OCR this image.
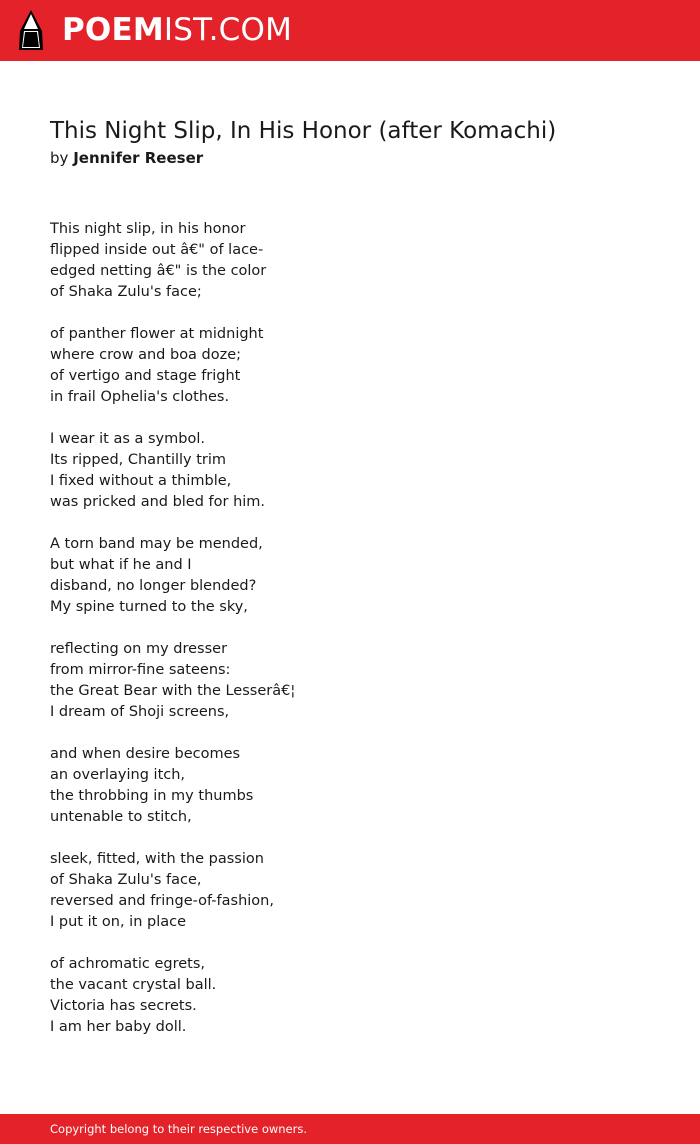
POEMIST.COM
This Night Slip, In His Honor (after Komachi)
by Jennifer Reeser
This night slip, in his honor
flipped inside out â€" of lace-
edged netting â€" is the color
of Shaka Zulu's face;
of panther flower at midnight
where crow and boa doze;
of vertigo and stage fright
in frail Ophelia's clothes.
I wear it as a symbol.
Its ripped, Chantilly trim
I fixed without a thimble,
was pricked and bled for him.
A torn band may be mended,
but what if he and I
disband, no longer blended?
My spine turned to the sky,
reflecting on my dresser
from mirror-fine sateens:
the Great Bear with the Lesserâ€¦
I dream of Shoji screens,
and when desire becomes
an overlaying itch,
the throbbing in my thumbs
untenable to stitch,
sleek, fitted, with the passion
of Shaka Zulu's face,
reversed and fringe-of-fashion,
I put it on, in place
of achromatic egrets,
the vacant crystal ball.
Victoria has secrets.
I am her baby doll.
Copyright belong to their respective owners.
